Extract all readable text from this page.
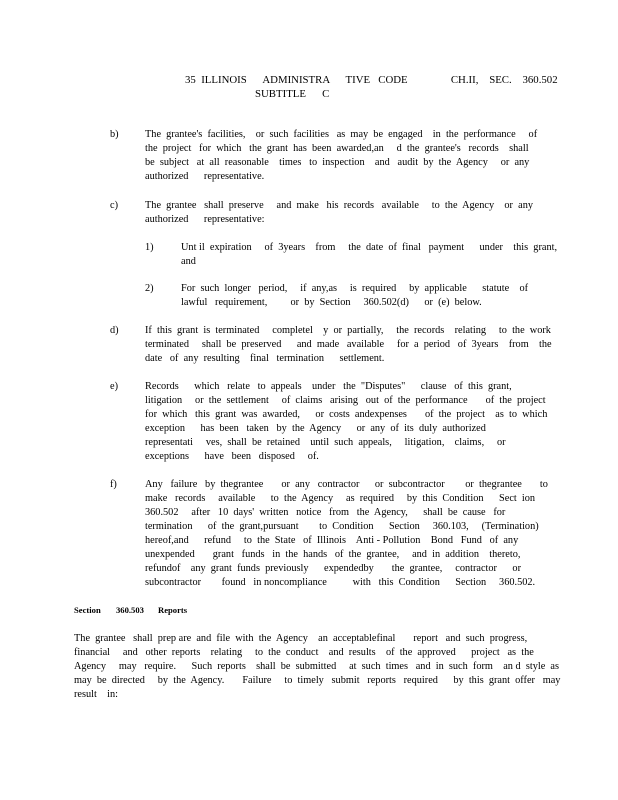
35  ILLINOIS      ADMINISTRA      TIVE   CODE                CH.II,    SEC.    360.502

SUBTITLE      C

b)	The  grantee's  facilities,    or  such  facilities   as  may  be  engaged    in  the  performance     of

the  project   for  which   the  grant  has  been  awarded,an     d  the  grantee's   records    shall

be  subject   at  all  reasonable    times   to  inspection    and   audit  by  the  Agency     or  any

authorized      representative.

c)	The  grantee   shall  preserve     and  make   his  records   available     to  the  Agency    or  any

authorized      representative:

1)	Unt il  expiration     of  3years    from     the  date  of  final   payment      under    this  grant,

and

2)	For  such  longer   period,     if  any,as     is  required     by  applicable      statute    of

lawful   requirement,         or  by  Section     360.502(d)      or  (e)  below.

d)	If  this  grant  is  terminated     completel    y  or  partially,     the  records    relating     to  the  work

terminated     shall  be  preserved      and  made   available     for  a  period   of  3years    from    the

date   of  any  resulting    final   termination      settlement.

e)	Records      which   relate   to  appeals    under   the  "Disputes"      clause   of  this  grant,

litigation     or  the  settlement     of  claims   arising   out  of  the  performance       of  the  project

for  which   this  grant  was  awarded,      or  costs  andexpenses       of  the  project    as  to  which

exception      has  been   taken   by  the  Agency      or  any  of  its  duly  authorized

representati     ves,  shall  be  retained    until  such  appeals,     litigation,    claims,     or

exceptions      have   been   disposed     of.

f)	Any   failure   by  thegrantee       or  any   contractor      or  subcontractor        or  thegrantee       to

make   records     available      to  the  Agency     as  required     by  this  Condition      Sect  ion

360.502     after   10  days'  written   notice   from   the  Agency,      shall  be  cause   for

termination      of  the  grant,pursuant        to  Condition      Section     360.103,     (Termination)

hereof,and      refund     to  the  State   of  Illinois    Anti - Pollution    Bond   Fund   of  any

unexpended       grant   funds   in  the  hands   of  the  grantee,     and  in  addition    thereto,

refundof    any  grant  funds  previously      expendedby       the  grantee,     contractor      or

subcontractor        found   in noncompliance          with   this  Condition      Section     360.502.

Section 360.503 Reports

The  grantee   shall  prep are  and  file  with  the  Agency    an  acceptablefinal       report   and  such  progress,

financial     and   other  reports    relating     to  the  conduct    and  results    of  the  approved      project   as  the

Agency     may   require.      Such  reports    shall  be  submitted     at  such  times   and  in  such  form    an d  style  as

may  be  directed     by  the  Agency.       Failure     to  timely   submit   reports   required      by  this  grant  offer   may

result    in:
